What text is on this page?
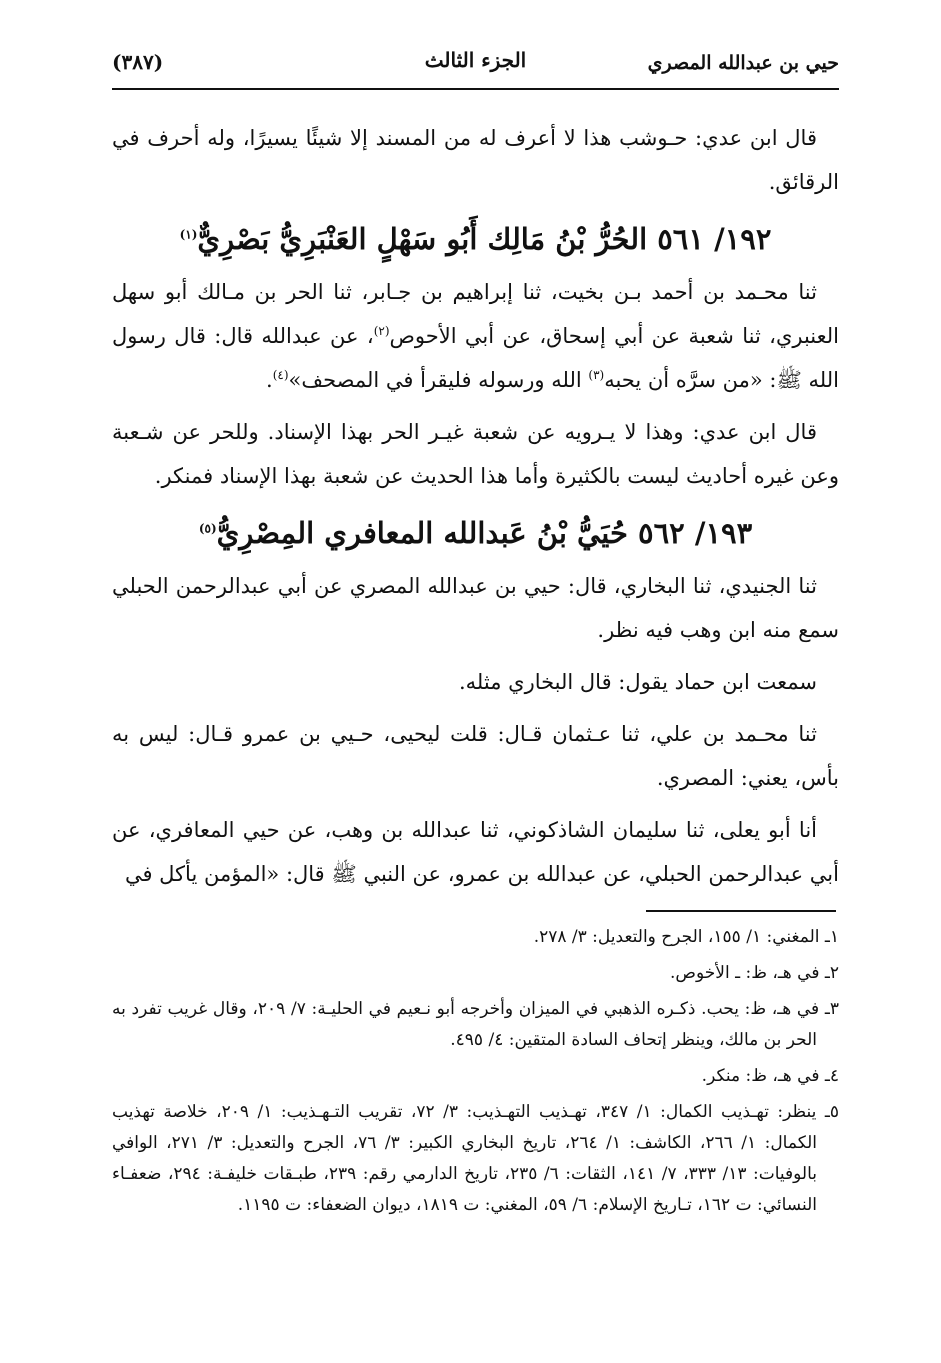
حيي بن عبدالله المصري
الجزء الثالث
(٣٨٧)

قال ابن عدي: حـوشب هذا لا أعرف له من المسند إلا شيئًا يسيرًا، وله أحرف في الرقائق.

١٩٢/ ٥٦١ الحُرُّ بْنُ مَالِك أَبُو سَهْلٍ العَنْبَرِيُّ بَصْرِيٌّ$^{(١)}$

ثنا محـمد بن أحمد بـن بخيت، ثنا إبراهيم بن جـابر، ثنا الحر بن مـالك أبو سهل العنبري، ثنا شعبة عن أبي إسحاق، عن أبي الأحوص$^{(٢)}$، عن عبدالله قال: قال رسول الله ﷺ: «من سرَّه أن يحبه$^{(٣)}$ الله ورسوله فليقرأ في المصحف»$^{(٤)}$.

قال ابن عدي: وهذا لا يـرويه عن شعبة غيـر الحر بهذا الإسناد. وللحر عن شـعبة وعن غيره أحاديث ليست بالكثيرة وأما هذا الحديث عن شعبة بهذا الإسناد فمنكر.

١٩٣/ ٥٦٢ حُيَيُّ بْنُ عَبدالله المعافري المِصْرِيُّ$^{(٥)}$

ثنا الجنيدي، ثنا البخاري، قال: حيي بن عبدالله المصري عن أبي عبدالرحمن الحبلي سمع منه ابن وهب فيه نظر.

سمعت ابن حماد يقول: قال البخاري مثله.

ثنا محـمد بن علي، ثنا عـثمان قـال: قلت ليحيى، حـيي بن عمرو قـال: ليس به بأس، يعني: المصري.

أنا أبو يعلى، ثنا سليمان الشاذكوني، ثنا عبدالله بن وهب، عن حيي المعافري، عن أبي عبدالرحمن الحبلي، عن عبدالله بن عمرو، عن النبي ﷺ قال: «المؤمن يأكل في

١ـ المغني: ١/ ١٥٥، الجرح والتعديل: ٣/ ٢٧٨.

٢ـ في هـ، ظ: ـ الأخوص.

٣ـ في هـ، ظ: يحب. ذكـره الذهبي في الميزان وأخرجه أبو نـعيم في الحليـة: ٧/ ٢٠٩، وقال غريب تفرد به الحر بن مالك، وينظر إتحاف السادة المتقين: ٤/ ٤٩٥.

٤ـ في هـ، ظ: منكر.

٥ـ ينظر: تهـذيب الكمال: ١/ ٣٤٧، تهـذيب التهـذيب: ٣/ ٧٢، تقريب التـهـذيب: ١/ ٢٠٩، خلاصة تهذيب الكمال: ١/ ٢٦٦، الكاشف: ١/ ٢٦٤، تاريخ البخاري الكبير: ٣/ ٧٦، الجرح والتعديل: ٣/ ٢٧١، الوافي بالوفيات: ١٣/ ٣٣٣، ٧/ ١٤١، الثقات: ٦/ ٢٣٥، تاريخ الدارمي رقم: ٢٣٩، طبـقات خليفـة: ٢٩٤، ضعفـاء النسائي: ت ١٦٢، تـاريخ الإسلام: ٦/ ٥٩، المغني: ت ١٨١٩، ديوان الضعفاء: ت ١١٩٥.
